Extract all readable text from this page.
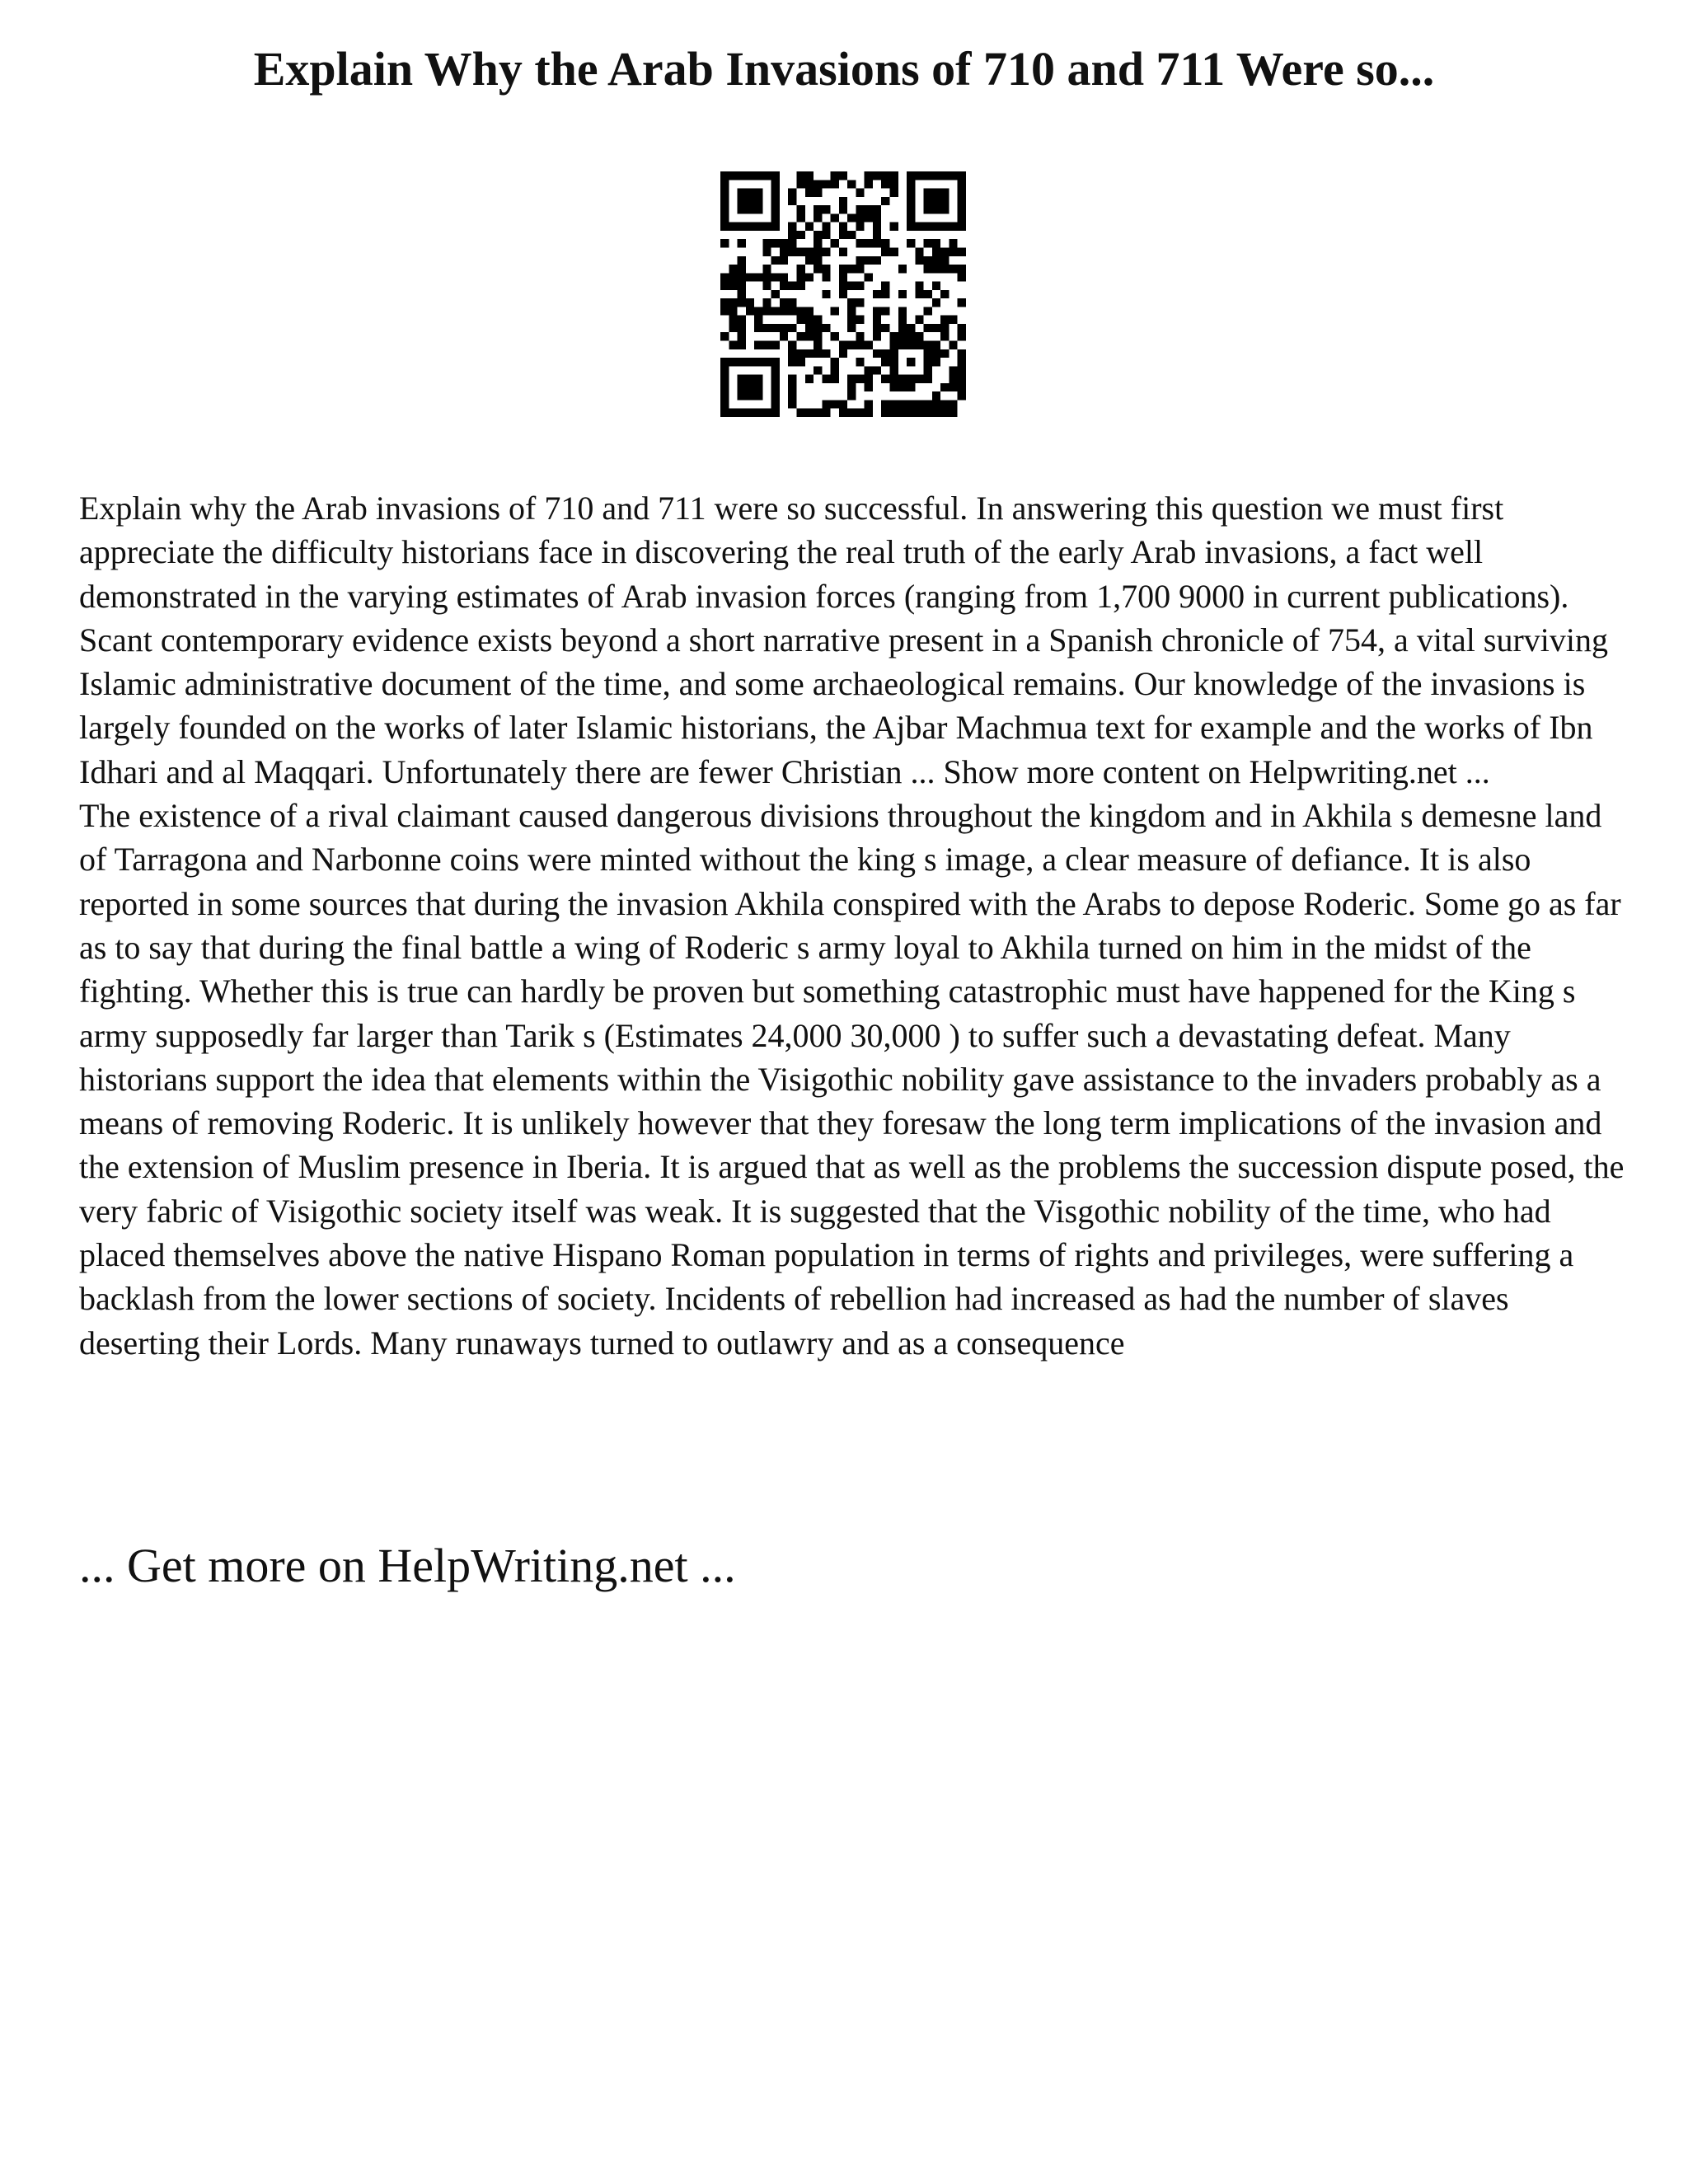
Explain Why the Arab Invasions of 710 and 711 Were so...

Explain why the Arab invasions of 710 and 711 were so successful. In answering this question we must first appreciate the difficulty historians face in discovering the real truth of the early Arab invasions, a fact well demonstrated in the varying estimates of Arab invasion forces (ranging from 1,700 9000 in current publications). Scant contemporary evidence exists beyond a short narrative present in a Spanish chronicle of 754, a vital surviving Islamic administrative document of the time, and some archaeological remains. Our knowledge of the invasions is largely founded on the works of later Islamic historians, the Ajbar Machmua text for example and the works of Ibn Idhari and al Maqqari. Unfortunately there are fewer Christian ... Show more content on Helpwriting.net ...

The existence of a rival claimant caused dangerous divisions throughout the kingdom and in Akhila s demesne land of Tarragona and Narbonne coins were minted without the king s image, a clear measure of defiance. It is also reported in some sources that during the invasion Akhila conspired with the Arabs to depose Roderic. Some go as far as to say that during the final battle a wing of Roderic s army loyal to Akhila turned on him in the midst of the fighting. Whether this is true can hardly be proven but something catastrophic must have happened for the King s army supposedly far larger than Tarik s (Estimates 24,000 30,000 ) to suffer such a devastating defeat. Many historians support the idea that elements within the Visigothic nobility gave assistance to the invaders probably as a means of removing Roderic. It is unlikely however that they foresaw the long term implications of the invasion and the extension of Muslim presence in Iberia. It is argued that as well as the problems the succession dispute posed, the very fabric of Visigothic society itself was weak. It is suggested that the Visgothic nobility of the time, who had placed themselves above the native Hispano Roman population in terms of rights and privileges, were suffering a backlash from the lower sections of society. Incidents of rebellion had increased as had the number of slaves deserting their Lords. Many runaways turned to outlawry and as a consequence

... Get more on HelpWriting.net ...
